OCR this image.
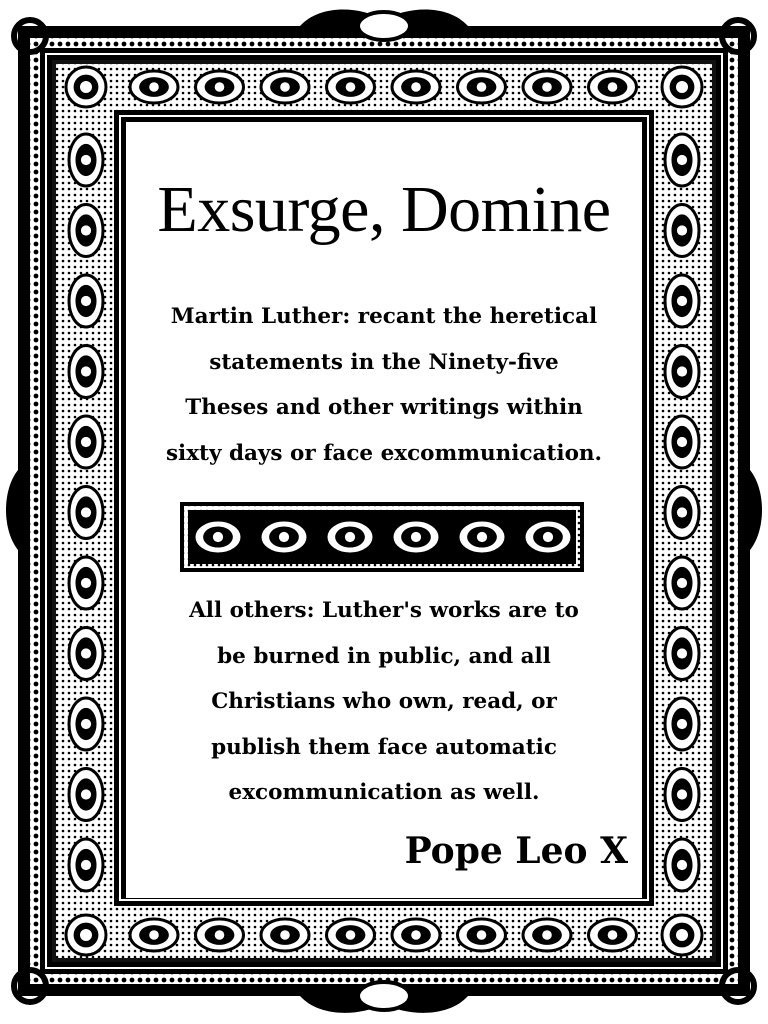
Exsurge, Domine
Martin Luther: recant the heretical
statements in the Ninety-five
Theses and other writings within
sixty days or face excommunication.
All others: Luther's works are to
be burned in public, and all
Christians who own, read, or
publish them face automatic
excommunication as well.
Pope Leo X
